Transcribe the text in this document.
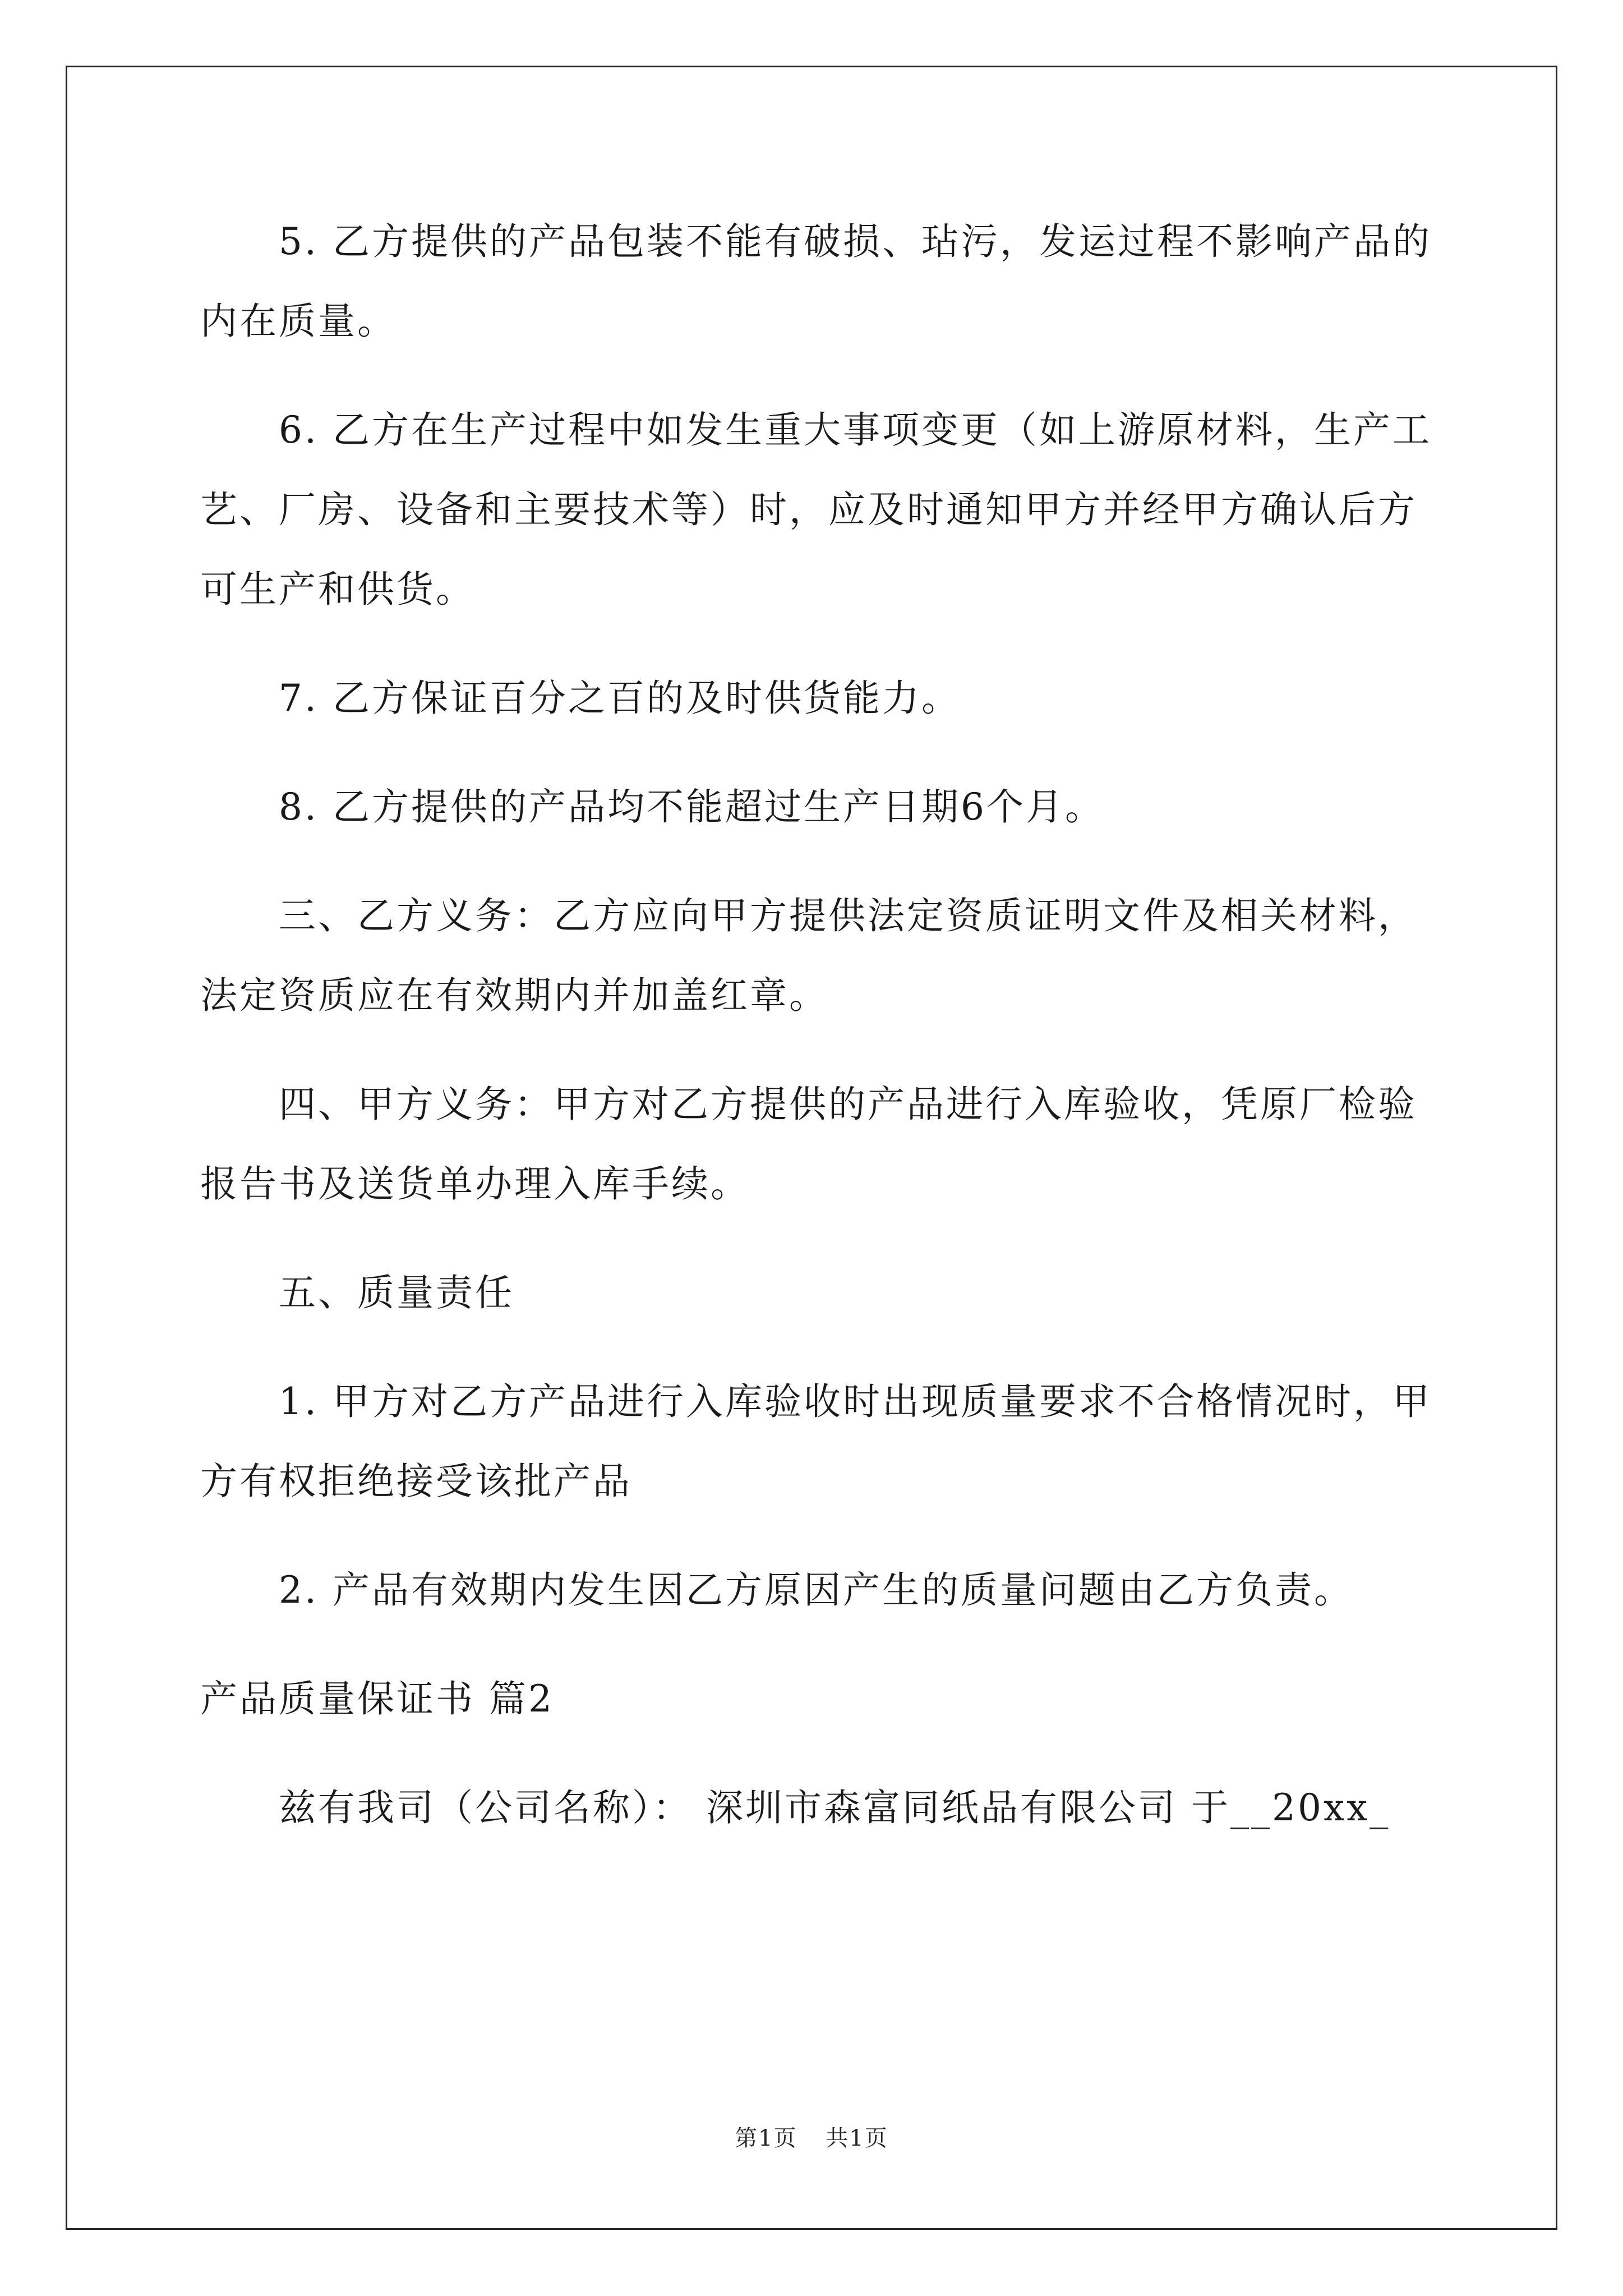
5. 乙方提供的产品包装不能有破损、玷污，发运过程不影响产品的内在质量。

6. 乙方在生产过程中如发生重大事项变更（如上游原材料，生产工艺、厂房、设备和主要技术等）时，应及时通知甲方并经甲方确认后方可生产和供货。

7. 乙方保证百分之百的及时供货能力。

8. 乙方提供的产品均不能超过生产日期6个月。

三、乙方义务：乙方应向甲方提供法定资质证明文件及相关材料，法定资质应在有效期内并加盖红章。

四、甲方义务：甲方对乙方提供的产品进行入库验收，凭原厂检验报告书及送货单办理入库手续。

五、质量责任

1. 甲方对乙方产品进行入库验收时出现质量要求不合格情况时，甲方有权拒绝接受该批产品

2. 产品有效期内发生因乙方原因产生的质量问题由乙方负责。

产品质量保证书 篇2

兹有我司（公司名称）： 深圳市森富同纸品有限公司 于__20xx_

第1页 共1页
